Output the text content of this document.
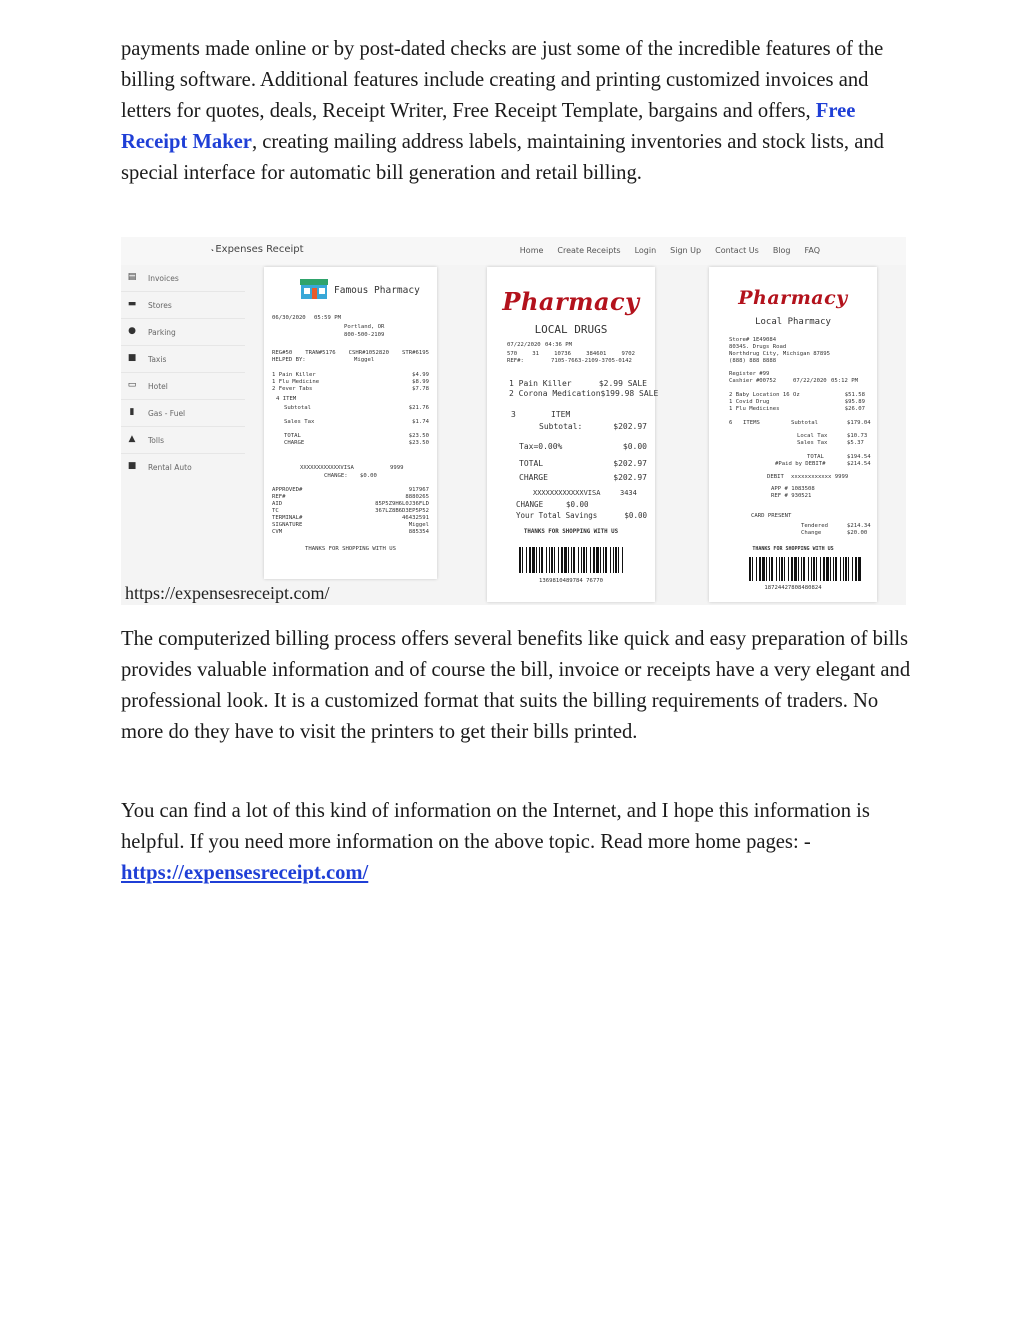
payments made online or by post-dated checks are just some of the incredible features of the billing software. Additional features include creating and printing customized invoices and letters for quotes, deals, Receipt Writer, Free Receipt Template, bargains and offers, Free Receipt Maker, creating mailing address labels, maintaining inventories and stock lists, and special interface for automatic bill generation and retail billing.

˴Expenses Receipt	Home Create Receipts Login Sign Up Contact Us Blog FAQ
▤ Invoices
▬ Stores
● Parking
■ Taxis
▭ Hotel
▮	Gas - Fuel
▲ Tolls
■ Rental Auto
Famous Pharmacy
06/30/2020 05:59 PM
Portland, OR
800-500-2109
REG#50 TRAN#5176 CSHR#1052820 STR#6195
HELPED BY:	Miggel
1 Pain Killer	$4.99
1 Flu Medicine	$8.99
2 Fever Tabs	$7.78
4 ITEM
Subtotal	$21.76
Sales Tax	$1.74
TOTAL	$23.50
CHARGE	$23.50
XXXXXXXXXXXXVISA	9999
CHANGE: $0.00
APPROVED#	917967
REF#	8880265
AID	85P5Z9H6L0J36FLD
TC	367LZ8B6D3EP5P52
TERMINAL#	46432591
SIGNATURE	Miggel
CVM	885354
THANKS FOR SHOPPING WITH US
Pharmacy
LOCAL DRUGS
07/22/2020 04:36 PM
570	31	10736	384601	9702
REF#:	7105-7663-2109-3705-0142
1 Pain Killer	$2.99 SALE
2 Corona Medication $199.98 SALE
3	ITEM
Subtotal:	$202.97
Tax=0.00%	$0.00
TOTAL	$202.97
CHARGE	$202.97
XXXXXXXXXXXXVISA	3434
CHANGE	$0.00
Your Total Savings	$0.00
THANKS FOR SHOPPING WITH US
1369810489784 76770
Pharmacy
Local Pharmacy
Store# 1E49084
8034S. Drugs Road
Northdrug City, Michigan 87895
(888) 888 8888
Register #99
Cashier #00752	07/22/2020 05:12 PM
2 Baby Location 16 Oz	$51.58
1 Covid Drug	$95.89
1 Flu Medicines	$26.07
6 ITEMS	Subtotal	$179.04
Local Tax	$10.73
Sales Tax	$5.37
TOTAL	$194.54
#Paid by DEBIT#	$214.54
DEBIT xxxxxxxxxxxx 9999
APP # 1083508
REF # 930521
CARD PRESENT
Tendered	$214.34
Change	$20.00
THANKS FOR SHOPPING WITH US
18724427808480824
https://expensesreceipt.com/

The computerized billing process offers several benefits like quick and easy preparation of bills provides valuable information and of course the bill, invoice or receipts have a very elegant and professional look. It is a customized format that suits the billing requirements of traders. No more do they have to visit the printers to get their bills printed.

You can find a lot of this kind of information on the Internet, and I hope this information is helpful. If you need more information on the above topic. Read more home pages: - https://expensesreceipt.com/
